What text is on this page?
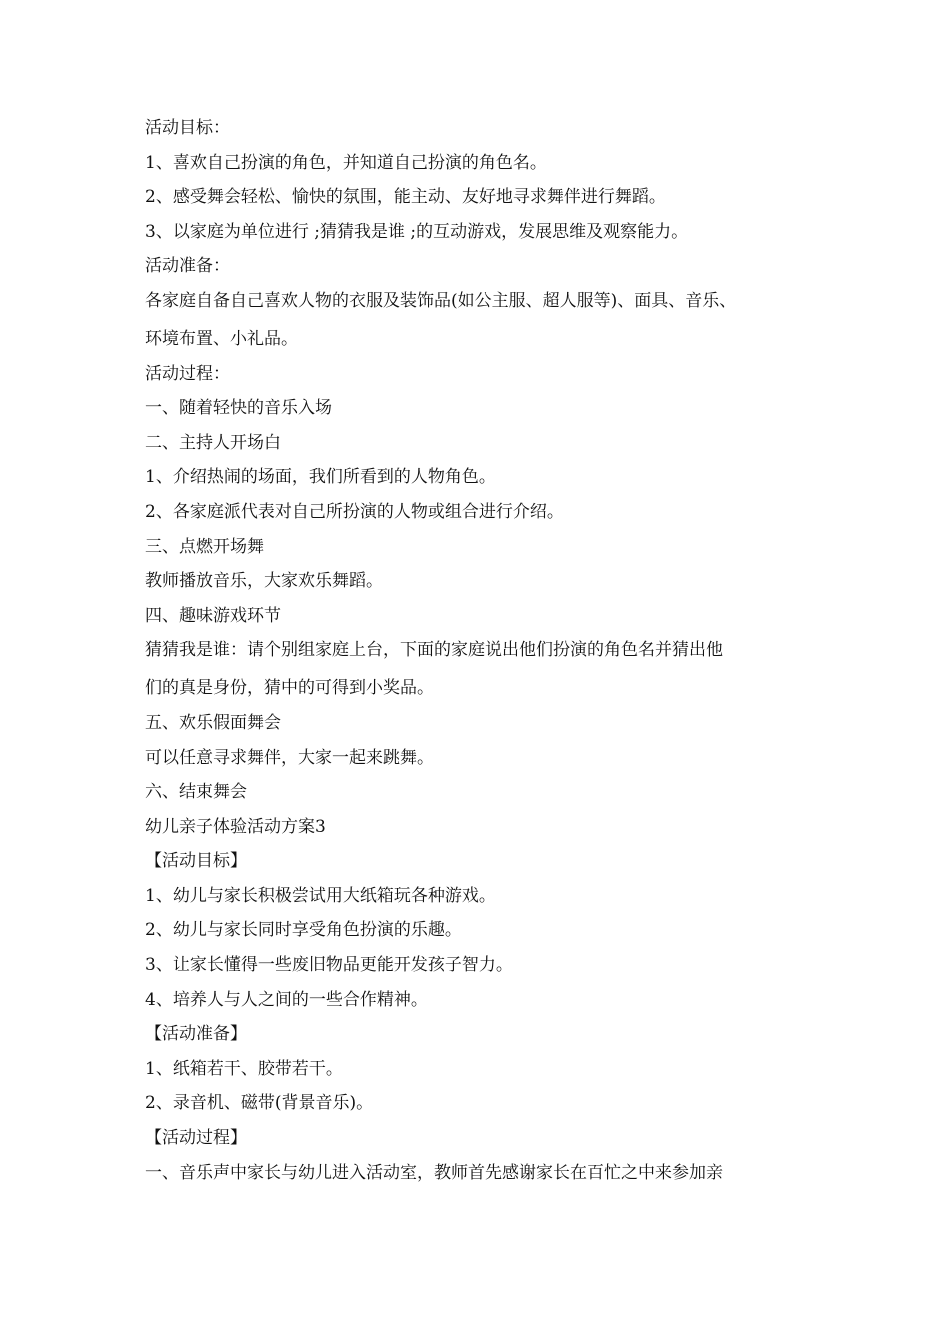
活动目标：

1、喜欢自己扮演的角色，并知道自己扮演的角色名。

2、感受舞会轻松、愉快的氛围，能主动、友好地寻求舞伴进行舞蹈。

3、以家庭为单位进行 ;猜猜我是谁 ;的互动游戏，发展思维及观察能力。

活动准备：

各家庭自备自己喜欢人物的衣服及装饰品(如公主服、超人服等)、面具、音乐、

环境布置、小礼品。

活动过程：

一、随着轻快的音乐入场

二、主持人开场白

1、介绍热闹的场面，我们所看到的人物角色。

2、各家庭派代表对自己所扮演的人物或组合进行介绍。

三、点燃开场舞

教师播放音乐，大家欢乐舞蹈。

四、趣味游戏环节

猜猜我是谁：请个别组家庭上台，下面的家庭说出他们扮演的角色名并猜出他

们的真是身份，猜中的可得到小奖品。

五、欢乐假面舞会

可以任意寻求舞伴，大家一起来跳舞。

六、结束舞会

幼儿亲子体验活动方案3

【活动目标】

1、幼儿与家长积极尝试用大纸箱玩各种游戏。

2、幼儿与家长同时享受角色扮演的乐趣。

3、让家长懂得一些废旧物品更能开发孩子智力。

4、培养人与人之间的一些合作精神。

【活动准备】

1、纸箱若干、胶带若干。

2、录音机、磁带(背景音乐)。

【活动过程】

一、音乐声中家长与幼儿进入活动室，教师首先感谢家长在百忙之中来参加亲
